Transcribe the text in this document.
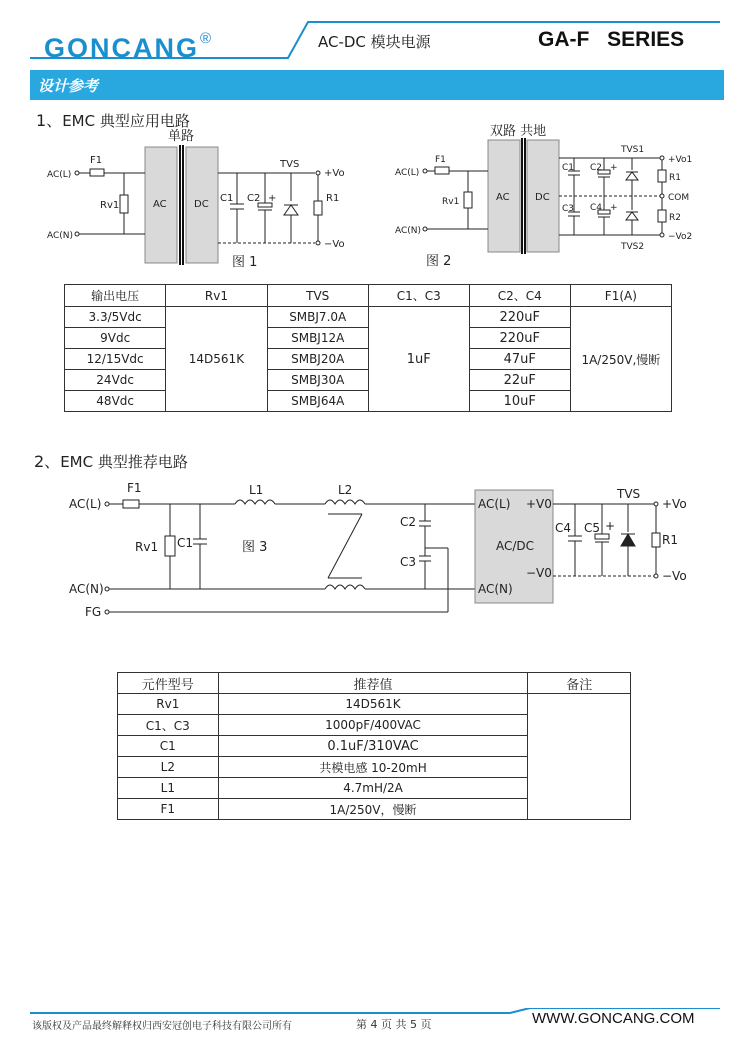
GONCANG®	AC-DC 模块电源	GA-F SERIES
设计参考
1、EMC 典型应用电路
单路
AC	DC
AC(L)
AC(N)
F1
Rv1
C1 C2 +
TVS
R1
+Vo
−Vo
图 1
双路 共地
AC	DC
AC(L)
AC(N)
F1
Rv1
C1
C3
C2
C4
+
+
TVS1
TVS2
R1
R2
+Vo1
COM
−Vo2
图 2
输出电压	Rv1	TVS	C1、C3	C2、C4	F1(A)
3.3/5Vdc	14D561K	SMBJ7.0A	1uF	220uF	1A/250V,慢断
9Vdc		SMBJ12A		220uF	
12/15Vdc		SMBJ20A		47uF	
24Vdc		SMBJ30A		22uF	
48Vdc		SMBJ64A		10uF	
2、EMC 典型推荐电路
AC(L)
AC(N)
FG
F1
Rv1 C1	图 3
L1	L2
C2
C3
AC(L)
AC(N)
AC/DC
+V0
−V0
C4 C5 +
TVS
R1
+Vo
−Vo
元件型号	推荐值	备注
Rv1	14D561K	
C1、C3	1000pF/400VAC	
C1	0.1uF/310VAC	
L2	共模电感 10-20mH	
L1	4.7mH/2A	
F1	1A/250V，慢断	
该版权及产品最终解释权归西安冠创电子科技有限公司所有	第 4 页 共 5 页	WWW.GONCANG.COM
